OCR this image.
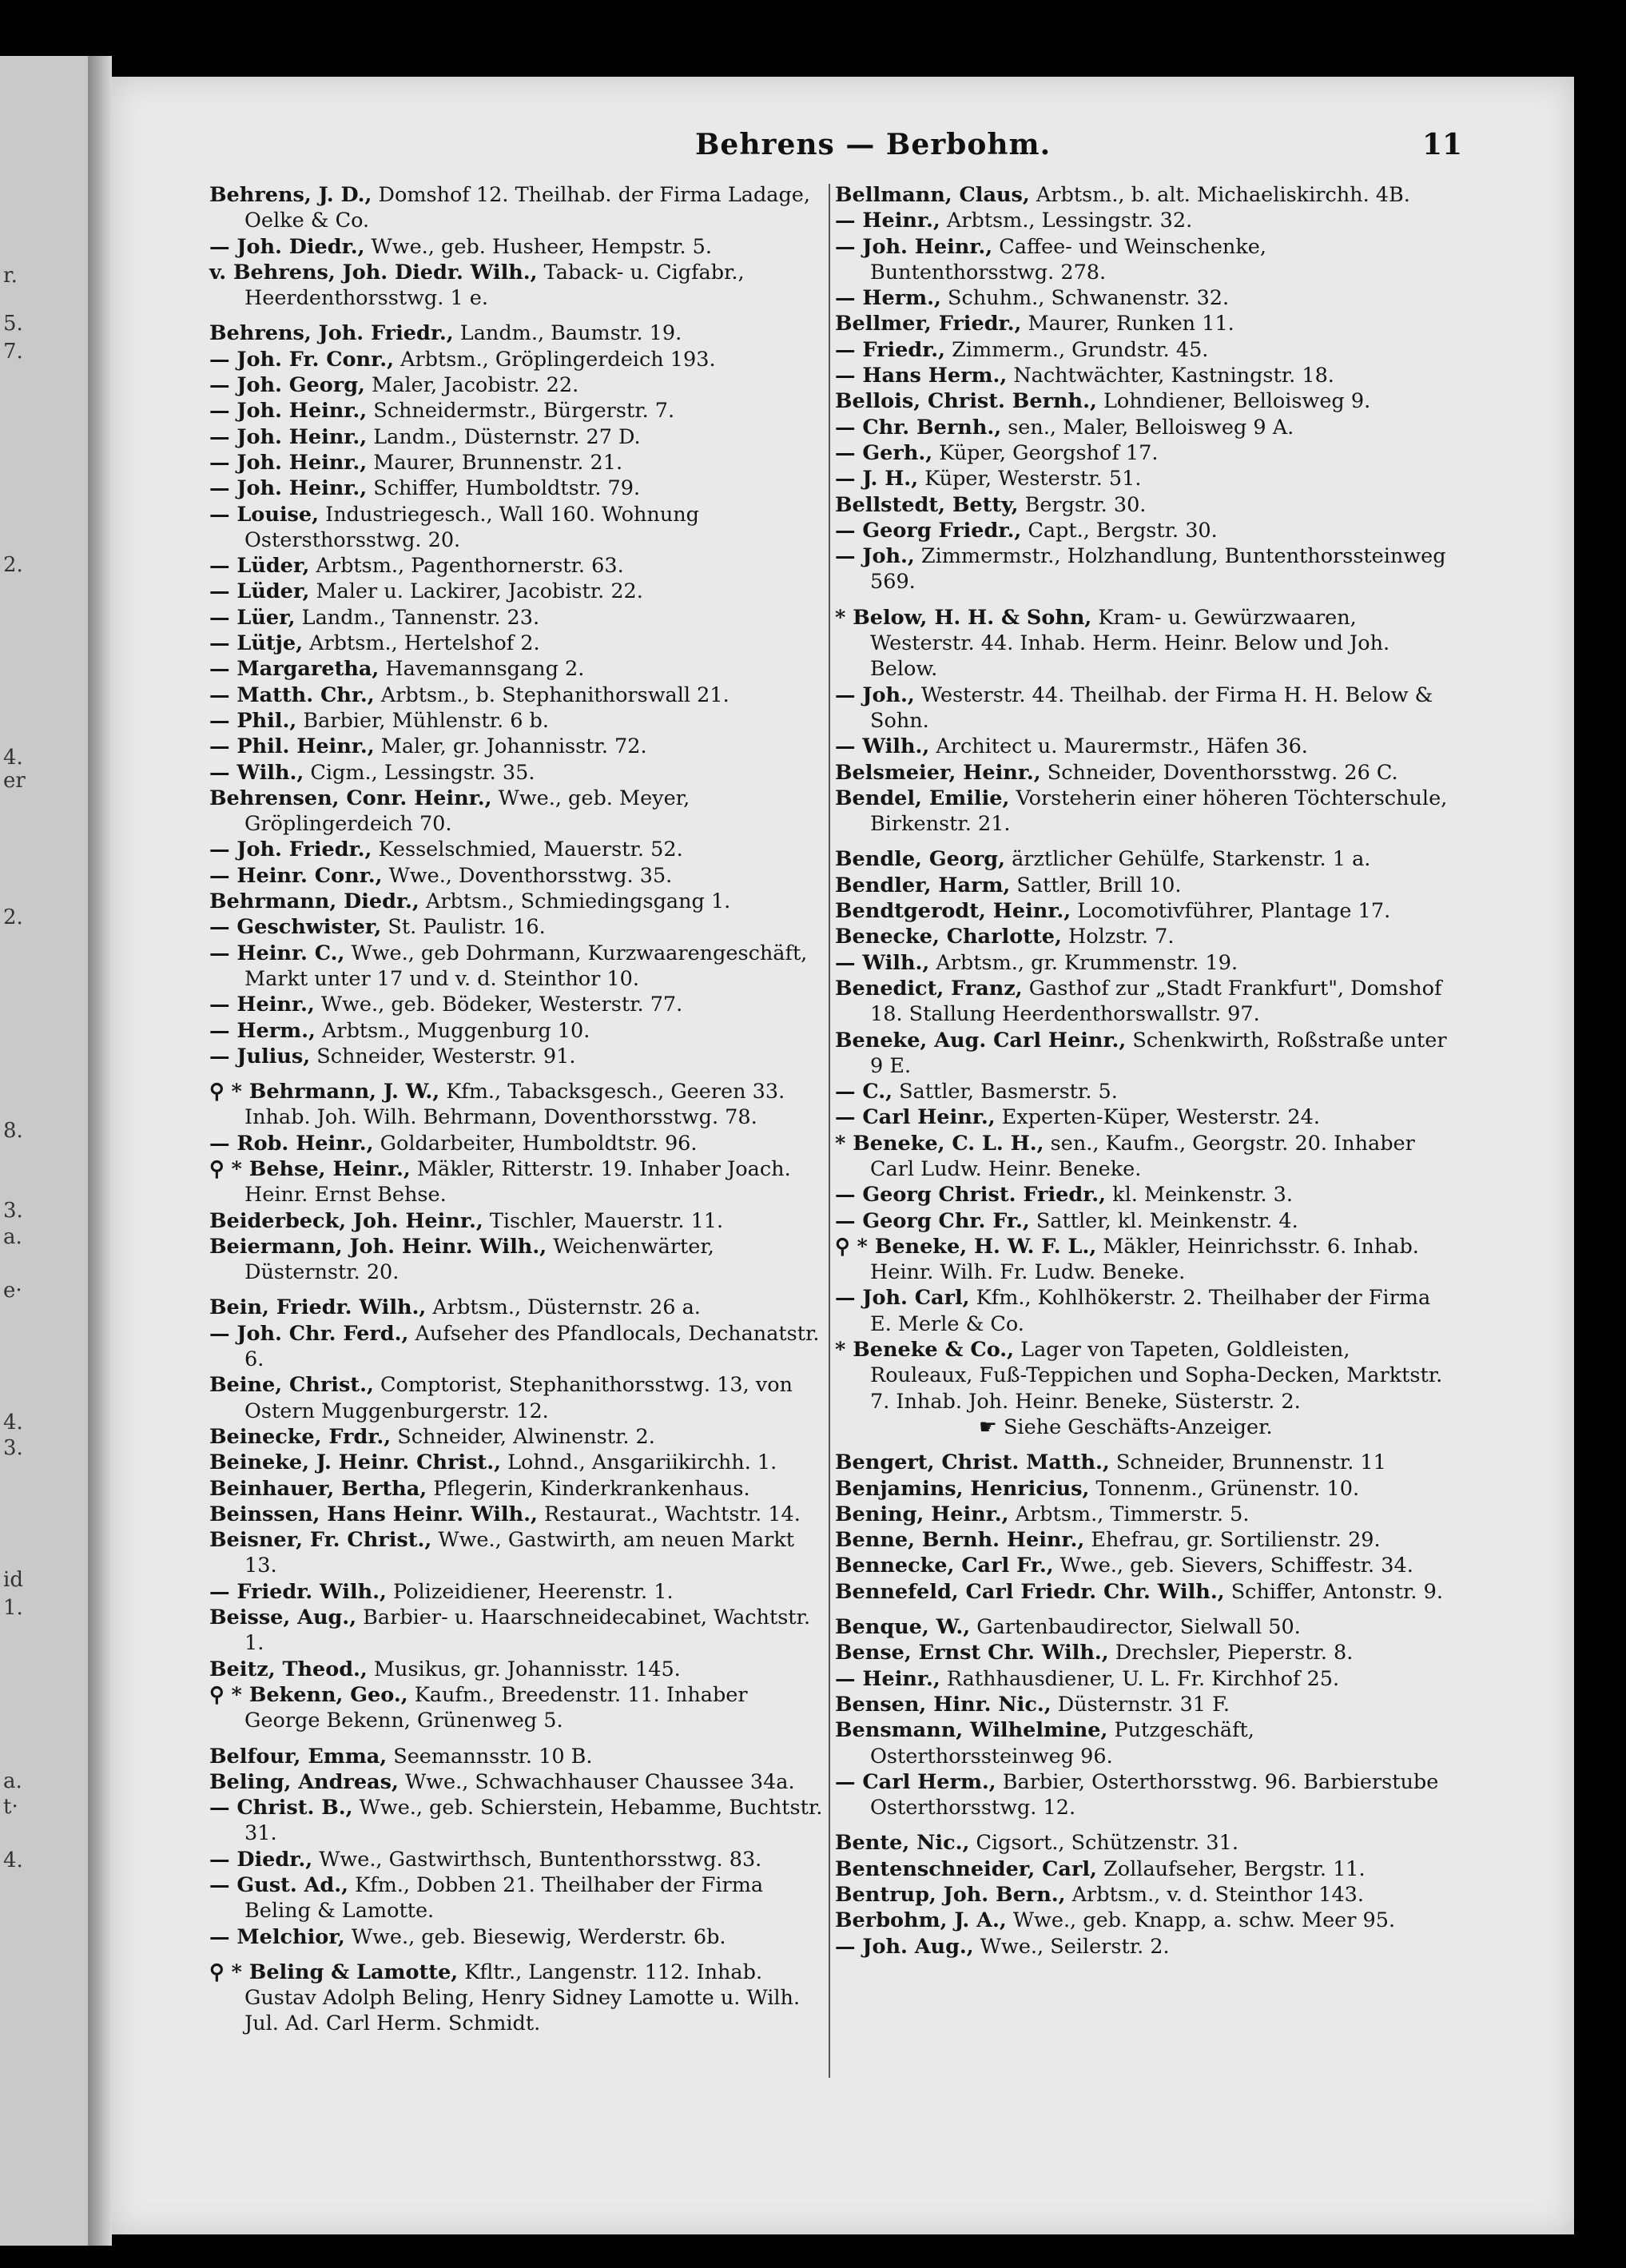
r.
5.
7.
2.
4.
er
2.
8.
3.
a.
e·
4.
3.
id
1.
a.
t·
4.
Behrens — Berbohm.	11

Behrens, J. D., Domshof 12. Theilhab. der Firma Ladage, Oelke & Co.

— Joh. Diedr., Wwe., geb. Husheer, Hempstr. 5.

v. Behrens, Joh. Diedr. Wilh., Taback- u. Cigfabr., Heerdenthorsstwg. 1 e.

Behrens, Joh. Friedr., Landm., Baumstr. 19.

— Joh. Fr. Conr., Arbtsm., Gröplingerdeich 193.

— Joh. Georg, Maler, Jacobistr. 22.

— Joh. Heinr., Schneidermstr., Bürgerstr. 7.

— Joh. Heinr., Landm., Düsternstr. 27 D.

— Joh. Heinr., Maurer, Brunnenstr. 21.

— Joh. Heinr., Schiffer, Humboldtstr. 79.

— Louise, Industriegesch., Wall 160. Wohnung Ostersthorsstwg. 20.

— Lüder, Arbtsm., Pagenthornerstr. 63.

— Lüder, Maler u. Lackirer, Jacobistr. 22.

— Lüer, Landm., Tannenstr. 23.

— Lütje, Arbtsm., Hertelshof 2.

— Margaretha, Havemannsgang 2.

— Matth. Chr., Arbtsm., b. Stephanithorswall 21.

— Phil., Barbier, Mühlenstr. 6 b.

— Phil. Heinr., Maler, gr. Johannisstr. 72.

— Wilh., Cigm., Lessingstr. 35.

Behrensen, Conr. Heinr., Wwe., geb. Meyer, Gröplingerdeich 70.

— Joh. Friedr., Kesselschmied, Mauerstr. 52.

— Heinr. Conr., Wwe., Doventhorsstwg. 35.

Behrmann, Diedr., Arbtsm., Schmiedingsgang 1.

— Geschwister, St. Paulistr. 16.

— Heinr. C., Wwe., geb Dohrmann, Kurzwaarengeschäft, Markt unter 17 und v. d. Steinthor 10.

— Heinr., Wwe., geb. Bödeker, Westerstr. 77.

— Herm., Arbtsm., Muggenburg 10.

— Julius, Schneider, Westerstr. 91.

⚲ * Behrmann, J. W., Kfm., Tabacksgesch., Geeren 33. Inhab. Joh. Wilh. Behrmann, Doventhorsstwg. 78.

— Rob. Heinr., Goldarbeiter, Humboldtstr. 96.

⚲ * Behse, Heinr., Mäkler, Ritterstr. 19. Inhaber Joach. Heinr. Ernst Behse.

Beiderbeck, Joh. Heinr., Tischler, Mauerstr. 11.

Beiermann, Joh. Heinr. Wilh., Weichenwärter, Düsternstr. 20.

Bein, Friedr. Wilh., Arbtsm., Düsternstr. 26 a.

— Joh. Chr. Ferd., Aufseher des Pfandlocals, Dechanatstr. 6.

Beine, Christ., Comptorist, Stephanithorsstwg. 13, von Ostern Muggenburgerstr. 12.

Beinecke, Frdr., Schneider, Alwinenstr. 2.

Beineke, J. Heinr. Christ., Lohnd., Ansgariikirchh. 1.

Beinhauer, Bertha, Pflegerin, Kinderkrankenhaus.

Beinssen, Hans Heinr. Wilh., Restaurat., Wachtstr. 14.

Beisner, Fr. Christ., Wwe., Gastwirth, am neuen Markt 13.

— Friedr. Wilh., Polizeidiener, Heerenstr. 1.

Beisse, Aug., Barbier- u. Haarschneidecabinet, Wachtstr. 1.

Beitz, Theod., Musikus, gr. Johannisstr. 145.

⚲ * Bekenn, Geo., Kaufm., Breedenstr. 11. Inhaber George Bekenn, Grünenweg 5.

Belfour, Emma, Seemannsstr. 10 B.

Beling, Andreas, Wwe., Schwachhauser Chaussee 34a.

— Christ. B., Wwe., geb. Schierstein, Hebamme, Buchtstr. 31.

— Diedr., Wwe., Gastwirthsch, Buntenthorsstwg. 83.

— Gust. Ad., Kfm., Dobben 21. Theilhaber der Firma Beling & Lamotte.

— Melchior, Wwe., geb. Biesewig, Werderstr. 6b.

⚲ * Beling & Lamotte, Kfltr., Langenstr. 112. Inhab. Gustav Adolph Beling, Henry Sidney Lamotte u. Wilh. Jul. Ad. Carl Herm. Schmidt.

Bellmann, Claus, Arbtsm., b. alt. Michaeliskirchh. 4B.

— Heinr., Arbtsm., Lessingstr. 32.

— Joh. Heinr., Caffee- und Weinschenke, Buntenthorsstwg. 278.

— Herm., Schuhm., Schwanenstr. 32.

Bellmer, Friedr., Maurer, Runken 11.

— Friedr., Zimmerm., Grundstr. 45.

— Hans Herm., Nachtwächter, Kastningstr. 18.

Bellois, Christ. Bernh., Lohndiener, Belloisweg 9.

— Chr. Bernh., sen., Maler, Belloisweg 9 A.

— Gerh., Küper, Georgshof 17.

— J. H., Küper, Westerstr. 51.

Bellstedt, Betty, Bergstr. 30.

— Georg Friedr., Capt., Bergstr. 30.

— Joh., Zimmermstr., Holzhandlung, Buntenthorssteinweg 569.

* Below, H. H. & Sohn, Kram- u. Gewürzwaaren, Westerstr. 44. Inhab. Herm. Heinr. Below und Joh. Below.

— Joh., Westerstr. 44. Theilhab. der Firma H. H. Below & Sohn.

— Wilh., Architect u. Maurermstr., Häfen 36.

Belsmeier, Heinr., Schneider, Doventhorsstwg. 26 C.

Bendel, Emilie, Vorsteherin einer höheren Töchterschule, Birkenstr. 21.

Bendle, Georg, ärztlicher Gehülfe, Starkenstr. 1 a.

Bendler, Harm, Sattler, Brill 10.

Bendtgerodt, Heinr., Locomotivführer, Plantage 17.

Benecke, Charlotte, Holzstr. 7.

— Wilh., Arbtsm., gr. Krummenstr. 19.

Benedict, Franz, Gasthof zur „Stadt Frankfurt", Domshof 18. Stallung Heerdenthorswallstr. 97.

Beneke, Aug. Carl Heinr., Schenkwirth, Roßstraße unter 9 E.

— C., Sattler, Basmerstr. 5.

— Carl Heinr., Experten-Küper, Westerstr. 24.

* Beneke, C. L. H., sen., Kaufm., Georgstr. 20. Inhaber Carl Ludw. Heinr. Beneke.

— Georg Christ. Friedr., kl. Meinkenstr. 3.

— Georg Chr. Fr., Sattler, kl. Meinkenstr. 4.

⚲ * Beneke, H. W. F. L., Mäkler, Heinrichsstr. 6. Inhab. Heinr. Wilh. Fr. Ludw. Beneke.

— Joh. Carl, Kfm., Kohlhökerstr. 2. Theilhaber der Firma E. Merle & Co.

* Beneke & Co., Lager von Tapeten, Goldleisten, Rouleaux, Fuß-Teppichen und Sopha-Decken, Marktstr. 7. Inhab. Joh. Heinr. Beneke, Süsterstr. 2.

☛ Siehe Geschäfts-Anzeiger.

Bengert, Christ. Matth., Schneider, Brunnenstr. 11

Benjamins, Henricius, Tonnenm., Grünenstr. 10.

Bening, Heinr., Arbtsm., Timmerstr. 5.

Benne, Bernh. Heinr., Ehefrau, gr. Sortilienstr. 29.

Bennecke, Carl Fr., Wwe., geb. Sievers, Schiffestr. 34.

Bennefeld, Carl Friedr. Chr. Wilh., Schiffer, Antonstr. 9.

Benque, W., Gartenbaudirector, Sielwall 50.

Bense, Ernst Chr. Wilh., Drechsler, Pieperstr. 8.

— Heinr., Rathhausdiener, U. L. Fr. Kirchhof 25.

Bensen, Hinr. Nic., Düsternstr. 31 F.

Bensmann, Wilhelmine, Putzgeschäft, Osterthorssteinweg 96.

— Carl Herm., Barbier, Osterthorsstwg. 96. Barbierstube Osterthorsstwg. 12.

Bente, Nic., Cigsort., Schützenstr. 31.

Bentenschneider, Carl, Zollaufseher, Bergstr. 11.

Bentrup, Joh. Bern., Arbtsm., v. d. Steinthor 143.

Berbohm, J. A., Wwe., geb. Knapp, a. schw. Meer 95.

— Joh. Aug., Wwe., Seilerstr. 2.
